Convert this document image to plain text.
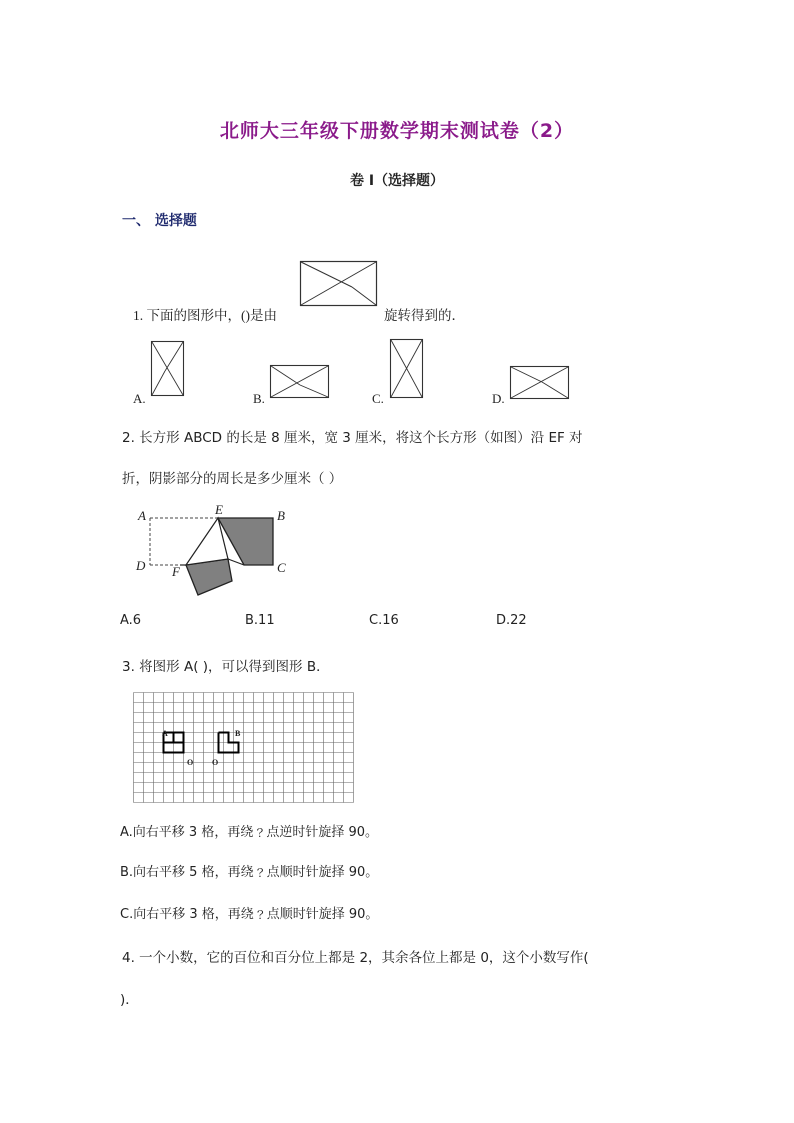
北师大三年级下册数学期末测试卷（2）
卷 I（选择题）
一、 选择题
1. 下面的图形中，()是由	旋转得到的．
A.	B.	C.	D.
2. 长方形 ABCD 的长是 8 厘米，宽 3 厘米，将这个长方形（如图）沿 EF 对
折，阴影部分的周长是多少厘米（ ）
A	E	B
D F	C
A.6	B.11	C.16	D.22
3. 将图形 A( )，可以得到图形 B．
A
O O
B
A.向右平移 3 格，再绕﹖点逆时针旋择 90。
B.向右平移 5 格，再绕﹖点顺时针旋择 90。
C.向右平移 3 格，再绕﹖点顺时针旋择 90。
4. 一个小数，它的百位和百分位上都是 2，其余各位上都是 0，这个小数写作(
)．
